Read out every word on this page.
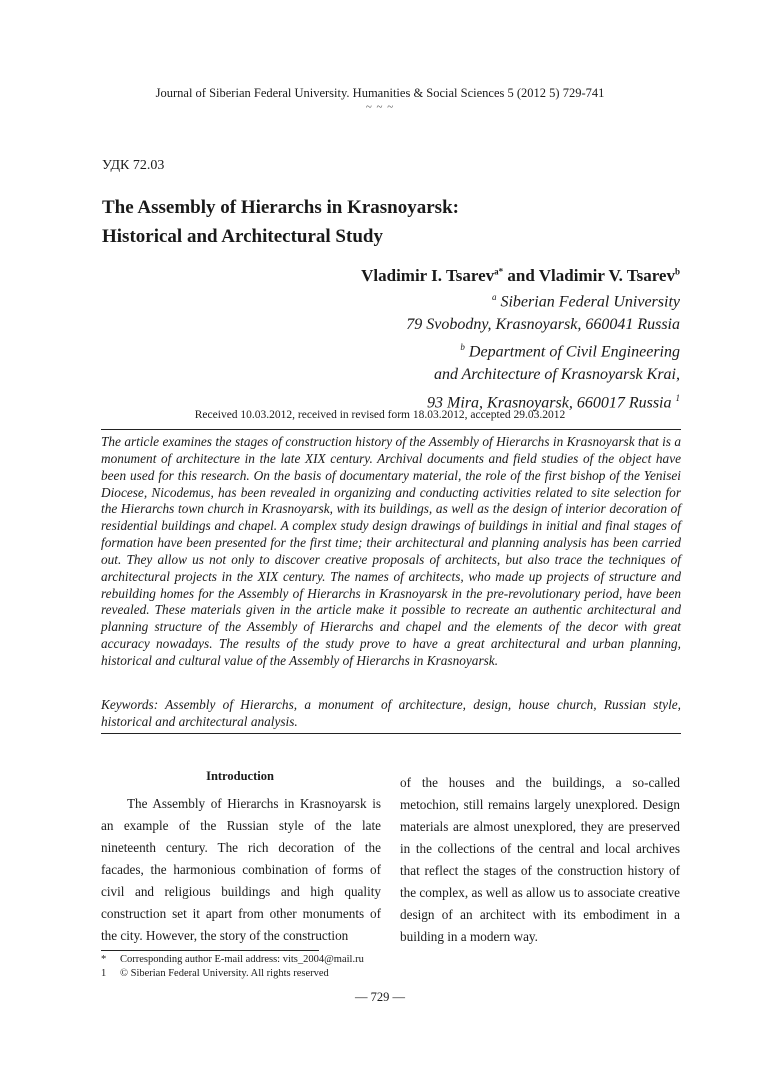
Journal of Siberian Federal University. Humanities & Social Sciences 5 (2012 5) 729-741
~ ~ ~
УДК 72.03
The Assembly of Hierarchs in Krasnoyarsk:
Historical and Architectural Study
Vladimir I. Tsarev$^{a*}$ and Vladimir V. Tsarev$^b$
$^a$ Siberian Federal University
79 Svobodny, Krasnoyarsk, 660041 Russia
$^b$ Department of Civil Engineering
and Architecture of Krasnoyarsk Krai,
93 Mira, Krasnoyarsk, 660017 Russia $^1$
Received 10.03.2012, received in revised form 18.03.2012, accepted 29.03.2012
The article examines the stages of construction history of the Assembly of Hierarchs in Krasnoyarsk that is a monument of architecture in the late XIX century. Archival documents and field studies of the object have been used for this research. On the basis of documentary material, the role of the first bishop of the Yenisei Diocese, Nicodemus, has been revealed in organizing and conducting activities related to site selection for the Hierarchs town church in Krasnoyarsk, with its buildings, as well as the design of interior decoration of residential buildings and chapel. A complex study design drawings of buildings in initial and final stages of formation have been presented for the first time; their architectural and planning analysis has been carried out. They allow us not only to discover creative proposals of architects, but also trace the techniques of architectural projects in the XIX century. The names of architects, who made up projects of structure and rebuilding homes for the Assembly of Hierarchs in Krasnoyarsk in the pre-revolutionary period, have been revealed. These materials given in the article make it possible to recreate an authentic architectural and planning structure of the Assembly of Hierarchs and chapel and the elements of the decor with great accuracy nowadays. The results of the study prove to have a great architectural and urban planning, historical and cultural value of the Assembly of Hierarchs in Krasnoyarsk.
Keywords: Assembly of Hierarchs, a monument of architecture, design, house church, Russian style, historical and architectural analysis.
Introduction
The Assembly of Hierarchs in Krasnoyarsk is an example of the Russian style of the late nineteenth century. The rich decoration of the facades, the harmonious combination of forms of civil and religious buildings and high quality construction set it apart from other monuments of the city. However, the story of the construction
of the houses and the buildings, a so-called metochion, still remains largely unexplored. Design materials are almost unexplored, they are preserved in the collections of the central and local archives that reflect the stages of the construction history of the complex, as well as allow us to associate creative design of an architect with its embodiment in a building in a modern way.
* Corresponding author E-mail address: vits_2004@mail.ru
1 © Siberian Federal University. All rights reserved
— 729 —
